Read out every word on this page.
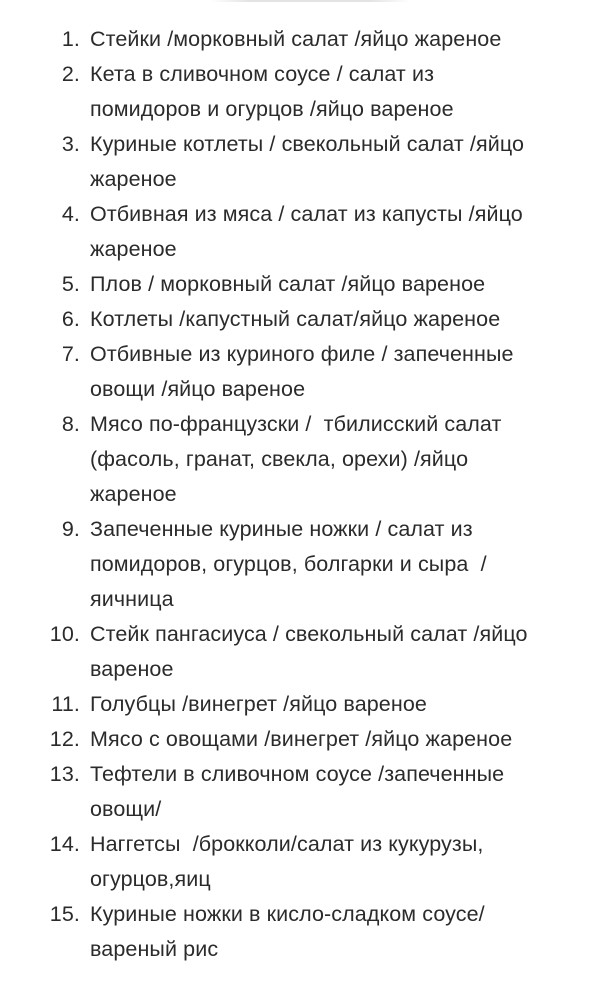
1. Стейки /морковный салат /яйцо жареное
2. Кета в сливочном соусе / салат из
помидоров и огурцов /яйцо вареное
3. Куриные котлеты / свекольный салат /яйцо
жареное
4. Отбивная из мяса / салат из капусты /яйцо
жареное
5. Плов / морковный салат /яйцо вареное
6. Котлеты /капустный салат/яйцо жареное
7. Отбивные из куриного филе / запеченные
овощи /яйцо вареное
8. Мясо по-французски /  тбилисский салат
(фасоль, гранат, свекла, орехи) /яйцо
жареное
9. Запеченные куриные ножки / салат из
помидоров, огурцов, болгарки и сыра  /
яичница
10. Стейк пангасиуса / свекольный салат /яйцо
вареное
11. Голубцы /винегрет /яйцо вареное
12. Мясо с овощами /винегрет /яйцо жареное
13. Тефтели в сливочном соусе /запеченные
овощи/
14. Наггетсы  /брокколи/салат из кукурузы,
огурцов,яиц
15. Куриные ножки в кисло-сладком соусе/
вареный рис
